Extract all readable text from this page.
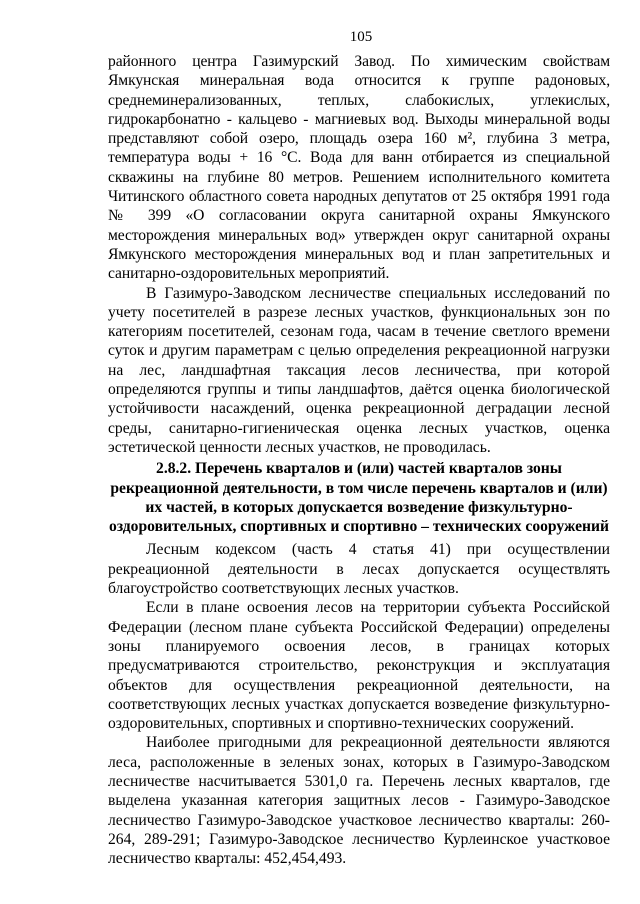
105

районного центра Газимурский Завод. По химическим свойствам Ямкунская минеральная вода относится к группе радоновых, среднеминерализованных, теплых, слабокислых, углекислых, гидрокарбонатно - кальцево - магниевых вод. Выходы минеральной воды представляют собой озеро, площадь озера 160 м², глубина 3 метра, температура воды + 16 °С. Вода для ванн отбирается из специальной скважины на глубине 80 метров. Решением исполнительного комитета Читинского областного совета народных депутатов от 25 октября 1991 года № 399 «О согласовании округа санитарной охраны Ямкунского месторождения минеральных вод» утвержден округ санитарной охраны Ямкунского месторождения минеральных вод и план запретительных и санитарно-оздоровительных мероприятий.

В Газимуро-Заводском лесничестве специальных исследований по учету посетителей в разрезе лесных участков, функциональных зон по категориям посетителей, сезонам года, часам в течение светлого времени суток и другим параметрам с целью определения рекреационной нагрузки на лес, ландшафтная таксация лесов лесничества, при которой определяются группы и типы ландшафтов, даётся оценка биологической устойчивости насаждений, оценка рекреационной деградации лесной среды, санитарно-гигиеническая оценка лесных участков, оценка эстетической ценности лесных участков, не проводилась.

2.8.2. Перечень кварталов и (или) частей кварталов зоны рекреационной деятельности, в том числе перечень кварталов и (или) их частей, в которых допускается возведение физкультурно-оздоровительных, спортивных и спортивно – технических сооружений

Лесным кодексом (часть 4 статья 41) при осуществлении рекреационной деятельности в лесах допускается осуществлять благоустройство соответствующих лесных участков.

Если в плане освоения лесов на территории субъекта Российской Федерации (лесном плане субъекта Российской Федерации) определены зоны планируемого освоения лесов, в границах которых предусматриваются строительство, реконструкция и эксплуатация объектов для осуществления рекреационной деятельности, на соответствующих лесных участках допускается возведение физкультурно-оздоровительных, спортивных и спортивно-технических сооружений.

Наиболее пригодными для рекреационной деятельности являются леса, расположенные в зеленых зонах, которых в Газимуро-Заводском лесничестве насчитывается 5301,0 га. Перечень лесных кварталов, где выделена указанная категория защитных лесов - Газимуро-Заводское лесничество Газимуро-Заводское участковое лесничество кварталы: 260-264, 289-291; Газимуро-Заводское лесничество Курлеинское участковое лесничество кварталы: 452,454,493.
